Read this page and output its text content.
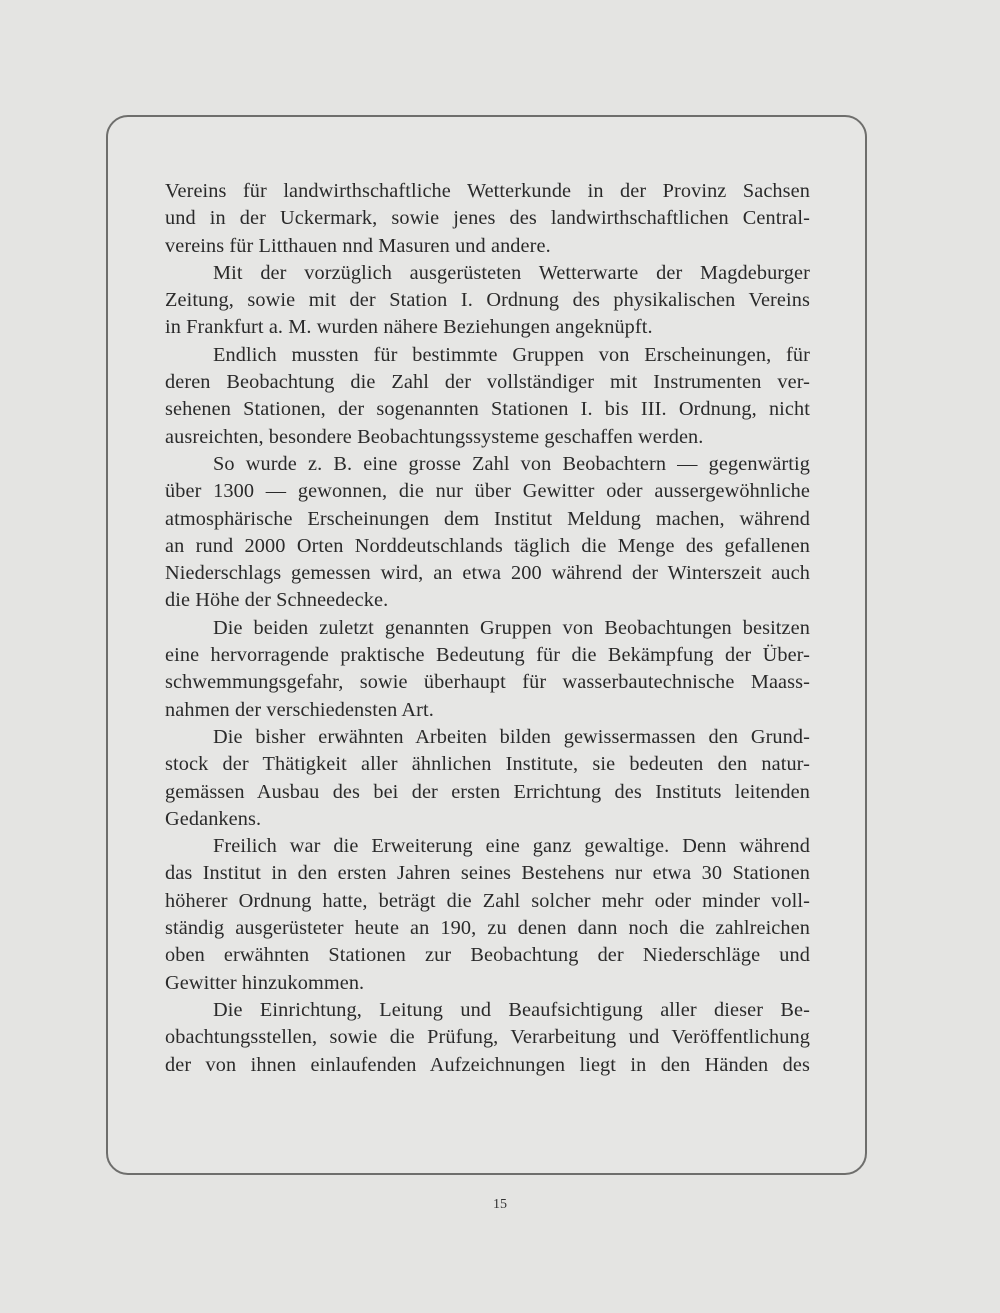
Vereins für landwirthschaftliche Wetterkunde in der Provinz Sachsen
und in der Uckermark, sowie jenes des landwirthschaftlichen Central-
vereins für Litthauen nnd Masuren und andere.
Mit der vorzüglich ausgerüsteten Wetterwarte der Magdeburger
Zeitung, sowie mit der Station I. Ordnung des physikalischen Vereins
in Frankfurt a. M. wurden nähere Beziehungen angeknüpft.
Endlich mussten für bestimmte Gruppen von Erscheinungen, für
deren Beobachtung die Zahl der vollständiger mit Instrumenten ver-
sehenen Stationen, der sogenannten Stationen I. bis III. Ordnung, nicht
ausreichten, besondere Beobachtungssysteme geschaffen werden.
So wurde z. B. eine grosse Zahl von Beobachtern — gegenwärtig
über 1300 — gewonnen, die nur über Gewitter oder aussergewöhnliche
atmosphärische Erscheinungen dem Institut Meldung machen, während
an rund 2000 Orten Norddeutschlands täglich die Menge des gefallenen
Niederschlags gemessen wird, an etwa 200 während der Winterszeit auch
die Höhe der Schneedecke.
Die beiden zuletzt genannten Gruppen von Beobachtungen besitzen
eine hervorragende praktische Bedeutung für die Bekämpfung der Über-
schwemmungsgefahr, sowie überhaupt für wasserbautechnische Maass-
nahmen der verschiedensten Art.
Die bisher erwähnten Arbeiten bilden gewissermassen den Grund-
stock der Thätigkeit aller ähnlichen Institute, sie bedeuten den natur-
gemässen Ausbau des bei der ersten Errichtung des Instituts leitenden
Gedankens.
Freilich war die Erweiterung eine ganz gewaltige. Denn während
das Institut in den ersten Jahren seines Bestehens nur etwa 30 Stationen
höherer Ordnung hatte, beträgt die Zahl solcher mehr oder minder voll-
ständig ausgerüsteter heute an 190, zu denen dann noch die zahlreichen
oben erwähnten Stationen zur Beobachtung der Niederschläge und
Gewitter hinzukommen.
Die Einrichtung, Leitung und Beaufsichtigung aller dieser Be-
obachtungsstellen, sowie die Prüfung, Verarbeitung und Veröffentlichung
der von ihnen einlaufenden Aufzeichnungen liegt in den Händen des
15
